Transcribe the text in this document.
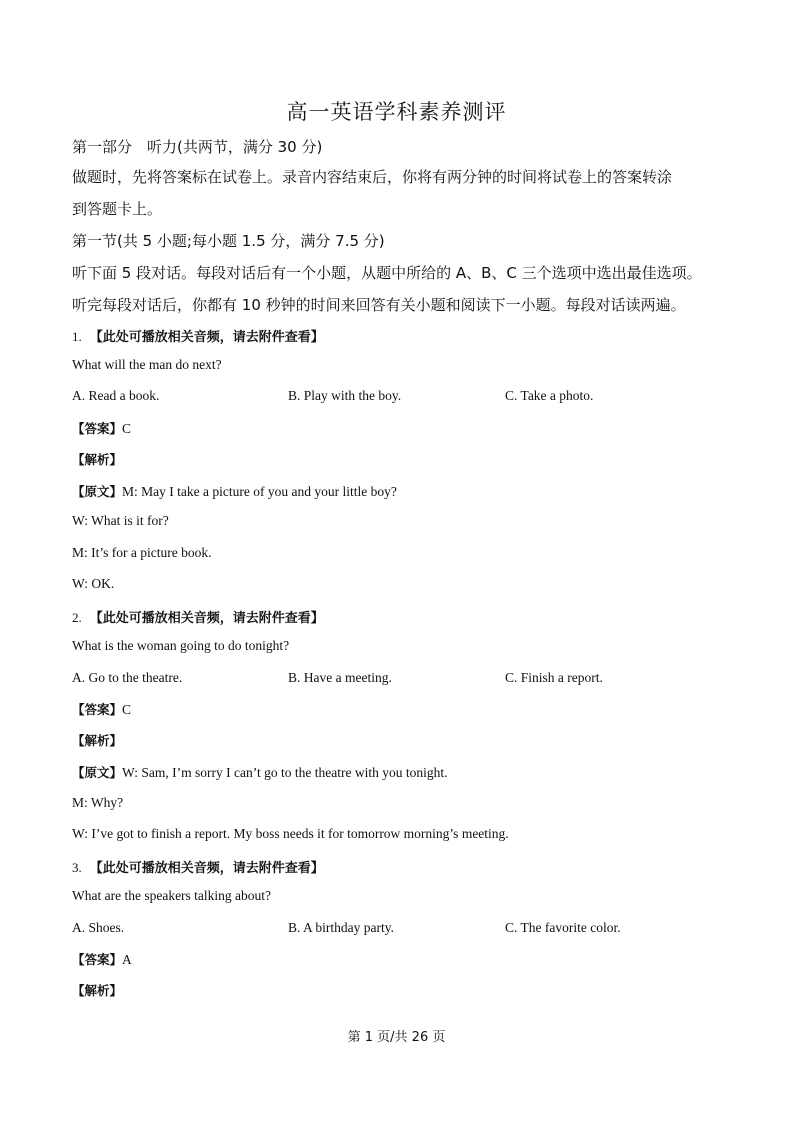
高一英语学科素养测评
第一部分　听力(共两节，满分 30 分)
做题时，先将答案标在试卷上。录音内容结束后，你将有两分钟的时间将试卷上的答案转涂
到答题卡上。
第一节(共 5 小题;每小题 1.5 分，满分 7.5 分)
听下面 5 段对话。每段对话后有一个小题，从题中所给的 A、B、C 三个选项中选出最佳选项。
听完每段对话后，你都有 10 秒钟的时间来回答有关小题和阅读下一小题。每段对话读两遍。
1. 【此处可播放相关音频，请去附件查看】
What will the man do next?
A. Read a book.	B. Play with the boy.	C. Take a photo.
【答案】C
【解析】
【原文】M: May I take a picture of you and your little boy?
W: What is it for?
M: It’s for a picture book.
W: OK.
2. 【此处可播放相关音频，请去附件查看】
What is the woman going to do tonight?
A. Go to the theatre.	B. Have a meeting.	C. Finish a report.
【答案】C
【解析】
【原文】W: Sam, I’m sorry I can’t go to the theatre with you tonight.
M: Why?
W: I’ve got to finish a report. My boss needs it for tomorrow morning’s meeting.
3. 【此处可播放相关音频，请去附件查看】
What are the speakers talking about?
A. Shoes.	B. A birthday party.	C. The favorite color.
【答案】A
【解析】
第 1 页/共 26 页
